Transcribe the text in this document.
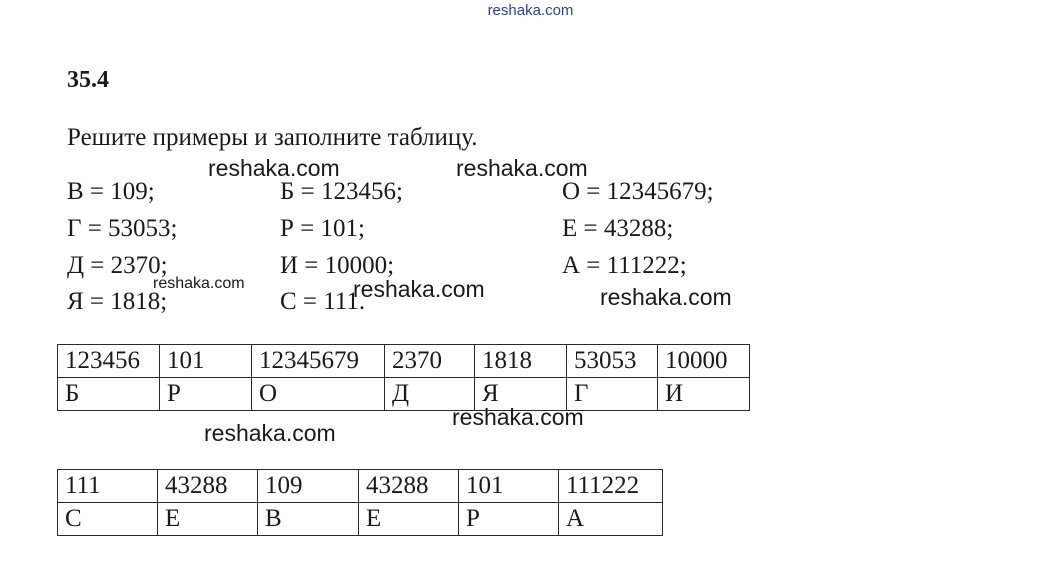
reshaka.com
35.4
Решите примеры и заполните таблицу.
В = 109;	Б = 123456;	О = 12345679;
Г = 53053;	Р = 101;	Е = 43288;
Д = 2370;	И = 10000;	А = 111222;
Я = 1818;	С = 111.
reshaka.com	reshaka.com
reshaka.com	reshaka.com	reshaka.com
reshaka.com
reshaka.com
123456	101	12345679	2370	1818	53053	10000
Б	Р	О	Д	Я	Г	И
111	43288	109	43288	101	111222
С	Е	В	Е	Р	А
